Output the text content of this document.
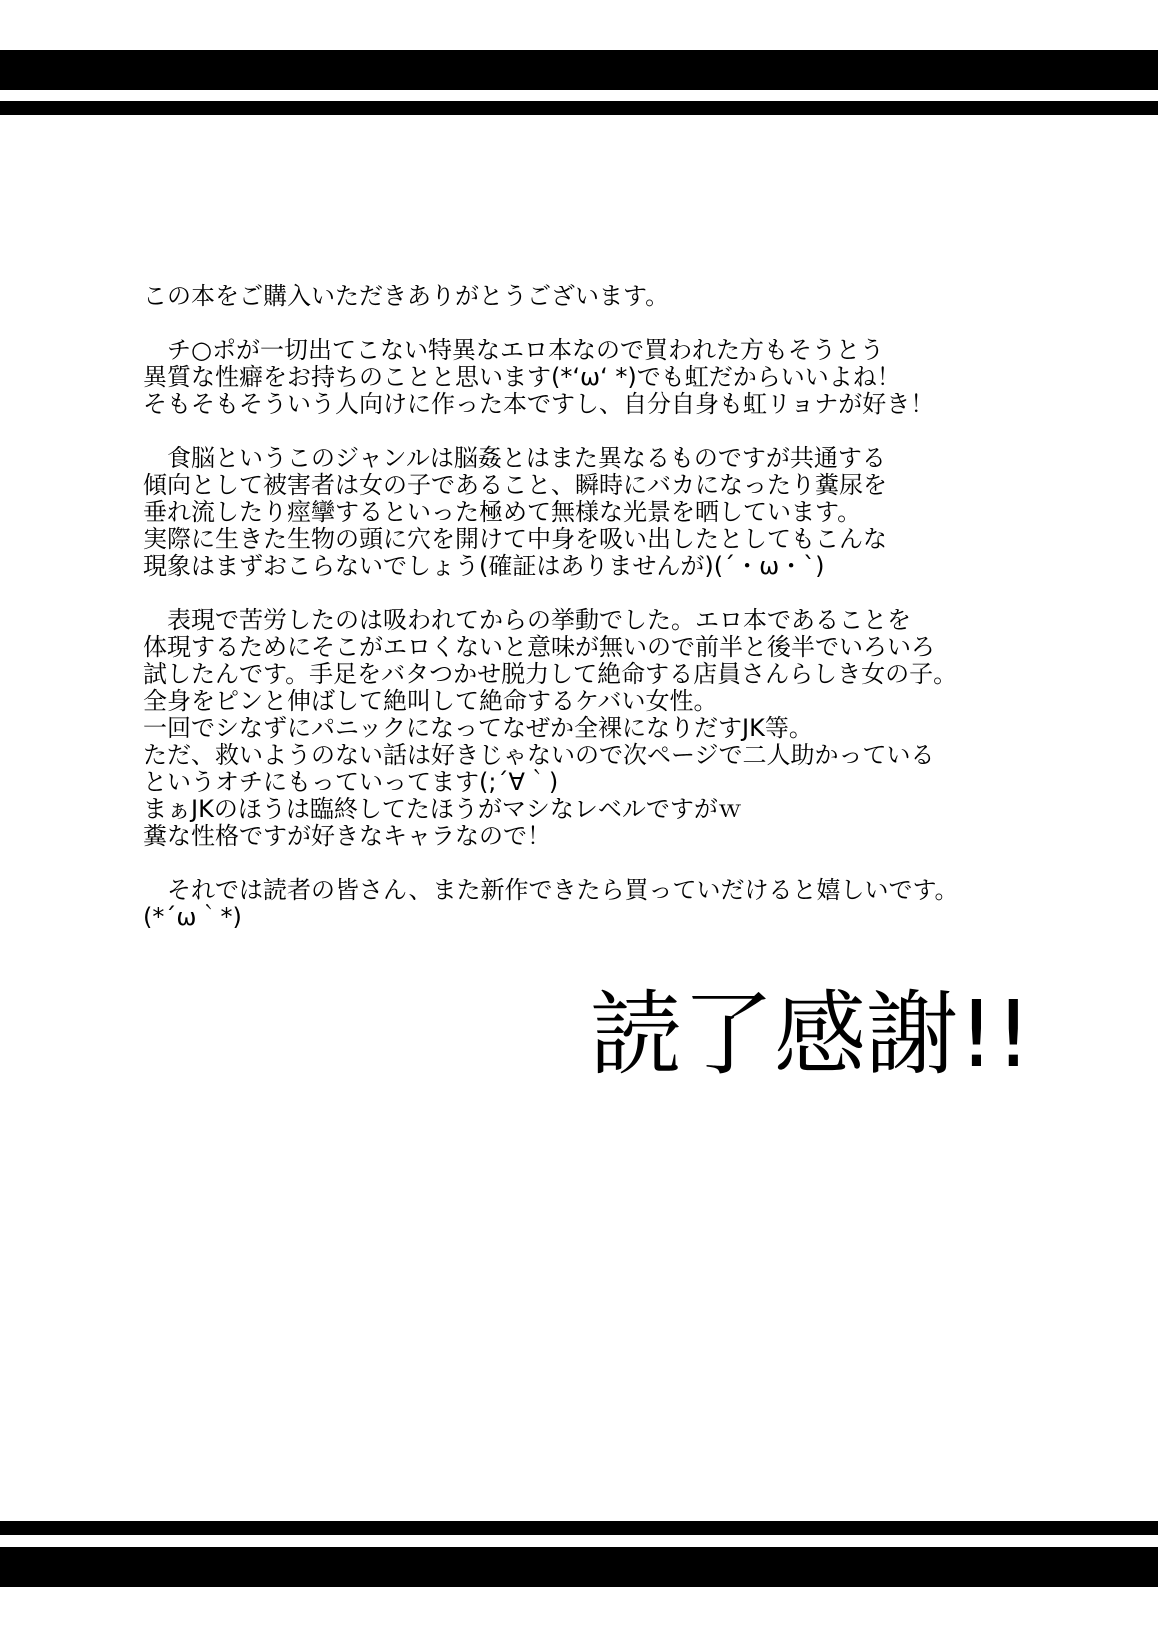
この本をご購入いただきありがとうございます。

　チ○ポが一切出てこない特異なエロ本なので買われた方もそうとう
異質な性癖をお持ちのことと思います(*‘ω‘ *)でも虹だからいいよね！
そもそもそういう人向けに作った本ですし、自分自身も虹リョナが好き！

　食脳というこのジャンルは脳姦とはまた異なるものですが共通する
傾向として被害者は女の子であること、瞬時にバカになったり糞尿を
垂れ流したり痙攣するといった極めて無様な光景を晒しています。
実際に生きた生物の頭に穴を開けて中身を吸い出したとしてもこんな
現象はまずおこらないでしょう(確証はありませんが)(´・ω・`)

　表現で苦労したのは吸われてからの挙動でした。エロ本であることを
体現するためにそこがエロくないと意味が無いので前半と後半でいろいろ
試したんです。手足をバタつかせ脱力して絶命する店員さんらしき女の子。
全身をピンと伸ばして絶叫して絶命するケバい女性。
一回でシなずにパニックになってなぜか全裸になりだすJK等。
ただ、救いようのない話は好きじゃないので次ページで二人助かっている
というオチにもっていってます(;´∀｀)
まぁJKのほうは臨終してたほうがマシなレベルですがｗ
糞な性格ですが好きなキャラなので！

　それでは読者の皆さん、また新作できたら買っていだけると嬉しいです。
(*´ω｀*)

読了感謝!!
